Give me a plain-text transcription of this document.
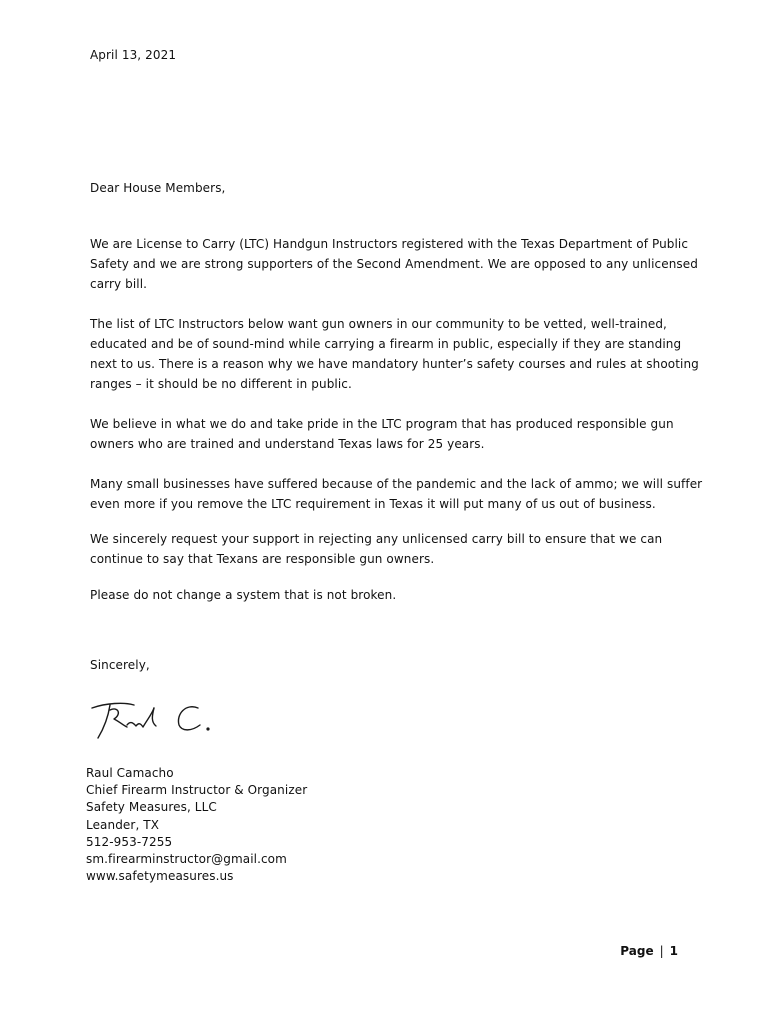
April 13, 2021
Dear House Members,
We are License to Carry (LTC) Handgun Instructors registered with the Texas Department of Public
Safety and we are strong supporters of the Second Amendment. We are opposed to any unlicensed
carry bill.
The list of LTC Instructors below want gun owners in our community to be vetted, well-trained,
educated and be of sound-mind while carrying a firearm in public, especially if they are standing
next to us. There is a reason why we have mandatory hunter’s safety courses and rules at shooting
ranges – it should be no different in public.
We believe in what we do and take pride in the LTC program that has produced responsible gun
owners who are trained and understand Texas laws for 25 years.
Many small businesses have suffered because of the pandemic and the lack of ammo; we will suffer
even more if you remove the LTC requirement in Texas it will put many of us out of business.
We sincerely request your support in rejecting any unlicensed carry bill to ensure that we can
continue to say that Texans are responsible gun owners.
Please do not change a system that is not broken.
Sincerely,
Raul Camacho
Chief Firearm Instructor & Organizer
Safety Measures, LLC
Leander, TX
512-953-7255
sm.firearminstructor@gmail.com
www.safetymeasures.us
Page | 1
